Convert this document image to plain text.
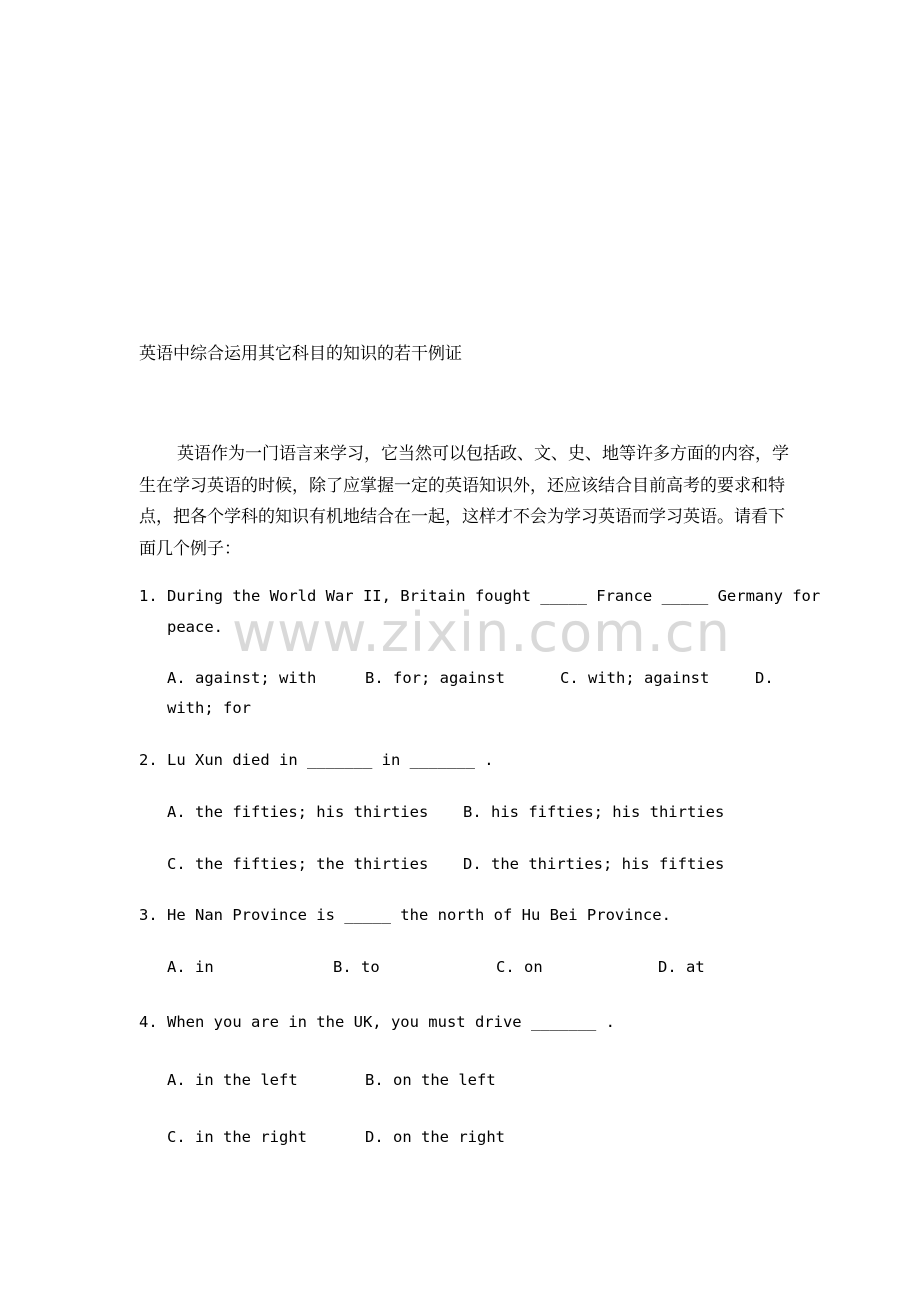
英语中综合运用其它科目的知识的若干例证
英语作为一门语言来学习，它当然可以包括政、文、史、地等许多方面的内容，学生在学习英语的时候，除了应掌握一定的英语知识外，还应该结合目前高考的要求和特点，把各个学科的知识有机地结合在一起，这样才不会为学习英语而学习英语。请看下面几个例子：
1. During the World War II, Britain fought _____ France _____ Germany for
peace.
A. against; with	B. for; against	C. with; against	D.
with; for
2. Lu Xun died in _______ in _______ .
A. the fifties; his thirties B. his fifties; his thirties
C. the fifties; the thirties D. the thirties; his fifties
3. He Nan Province is _____ the north of Hu Bei Province.
A. in	B. to	C. on	D. at
4. When you are in the UK, you must drive _______ .
A. in the left	B. on the left
C. in the right	D. on the right
www.zixin.com.cn
